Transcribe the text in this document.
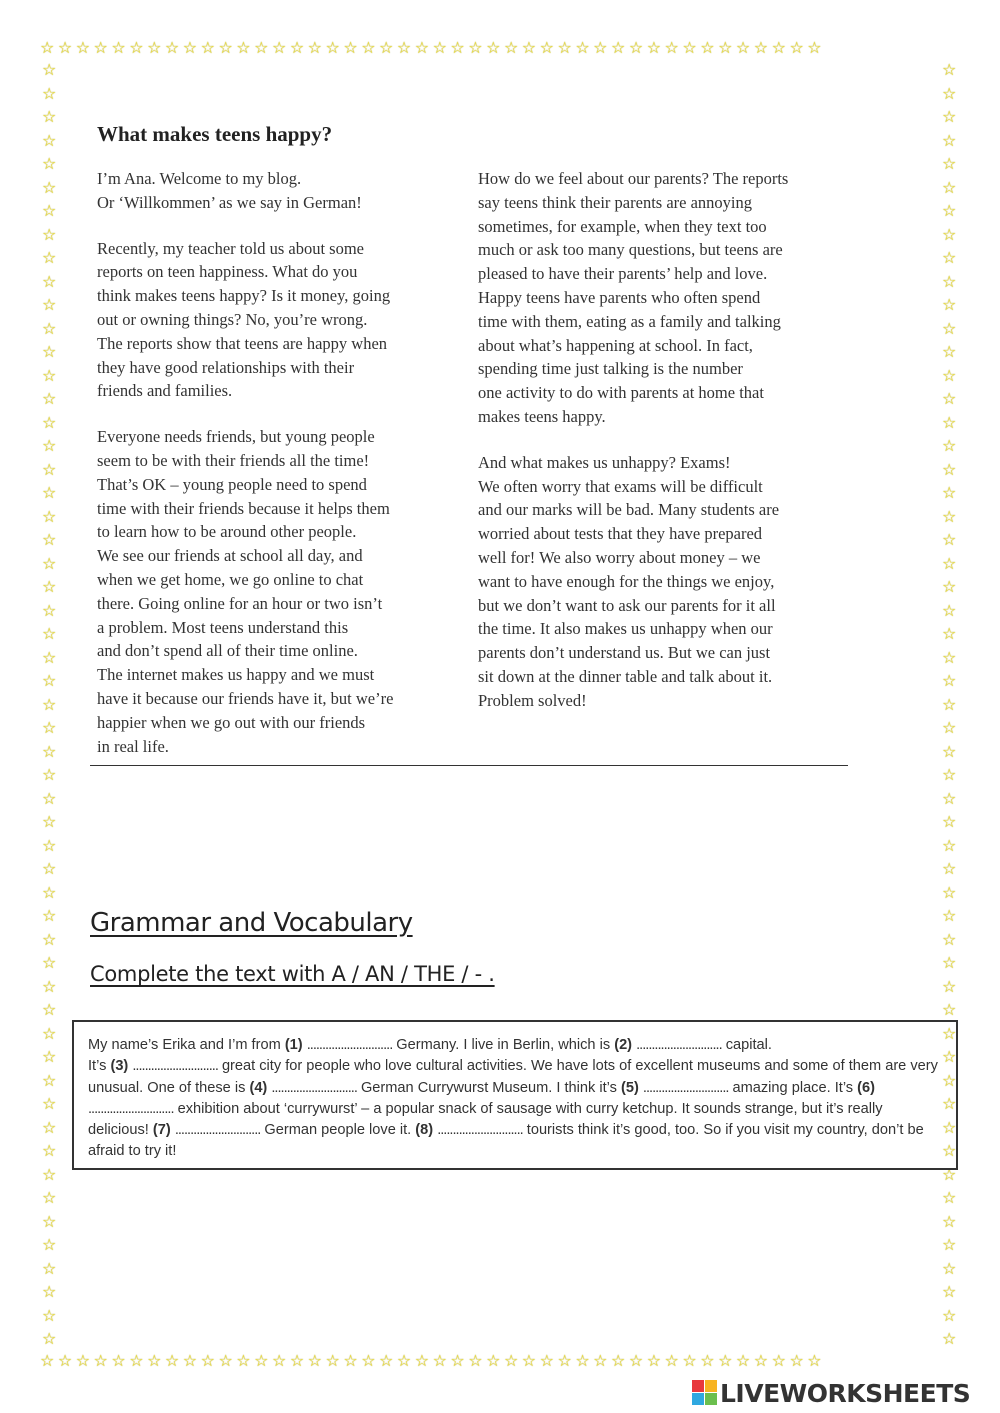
☆☆☆☆☆☆☆☆☆☆☆☆☆☆☆☆☆☆☆☆☆☆☆☆☆☆☆☆☆☆☆☆☆☆☆☆☆☆☆☆☆☆☆☆
☆☆☆☆☆☆☆☆☆☆☆☆☆☆☆☆☆☆☆☆☆☆☆☆☆☆☆☆☆☆☆☆☆☆☆☆☆☆☆☆☆☆☆☆
☆☆☆☆☆☆☆☆☆☆☆☆☆☆☆☆☆☆☆☆☆☆☆☆☆☆☆☆☆☆☆☆☆☆☆☆☆☆☆☆☆☆☆☆☆☆☆☆☆☆☆☆☆☆☆
☆☆☆☆☆☆☆☆☆☆☆☆☆☆☆☆☆☆☆☆☆☆☆☆☆☆☆☆☆☆☆☆☆☆☆☆☆☆☆☆☆☆☆☆☆☆☆☆☆☆☆☆☆☆☆
What makes teens happy?

I’m Ana. Welcome to my blog.
Or ‘Willkommen’ as we say in German!

Recently, my teacher told us about some
reports on teen happiness. What do you
think makes teens happy? Is it money, going
out or owning things? No, you’re wrong.
The reports show that teens are happy when
they have good relationships with their
friends and families.

Everyone needs friends, but young people
seem to be with their friends all the time!
That’s OK – young people need to spend
time with their friends because it helps them
to learn how to be around other people.
We see our friends at school all day, and
when we get home, we go online to chat
there. Going online for an hour or two isn’t
a problem. Most teens understand this
and don’t spend all of their time online.
The internet makes us happy and we must
have it because our friends have it, but we’re
happier when we go out with our friends
in real life.

How do we feel about our parents? The reports
say teens think their parents are annoying
sometimes, for example, when they text too
much or ask too many questions, but teens are
pleased to have their parents’ help and love.
Happy teens have parents who often spend
time with them, eating as a family and talking
about what’s happening at school. In fact,
spending time just talking is the number
one activity to do with parents at home that
makes teens happy.

And what makes us unhappy? Exams!
We often worry that exams will be difficult
and our marks will be bad. Many students are
worried about tests that they have prepared
well for! We also worry about money – we
want to have enough for the things we enjoy,
but we don’t want to ask our parents for it all
the time. It also makes us unhappy when our
parents don’t understand us. But we can just
sit down at the dinner table and talk about it.
Problem solved!

Grammar and Vocabulary
Complete the text with A / AN / THE / - .
My name’s Erika and I’m from (1) ............................ Germany. I live in Berlin, which is (2) ............................ capital.
It’s (3) ............................ great city for people who love cultural activities. We have lots of excellent museums and some of them are very unusual. One of these is (4) ............................ German Currywurst Museum. I think it’s (5) ............................ amazing place. It’s (6) ............................ exhibition about ‘currywurst’ – a popular snack of sausage with curry ketchup. It sounds strange, but it’s really delicious! (7) ............................ German people love it. (8) ............................ tourists think it’s good, too. So if you visit my country, don’t be afraid to try it!
LIVEWORKSHEETS
